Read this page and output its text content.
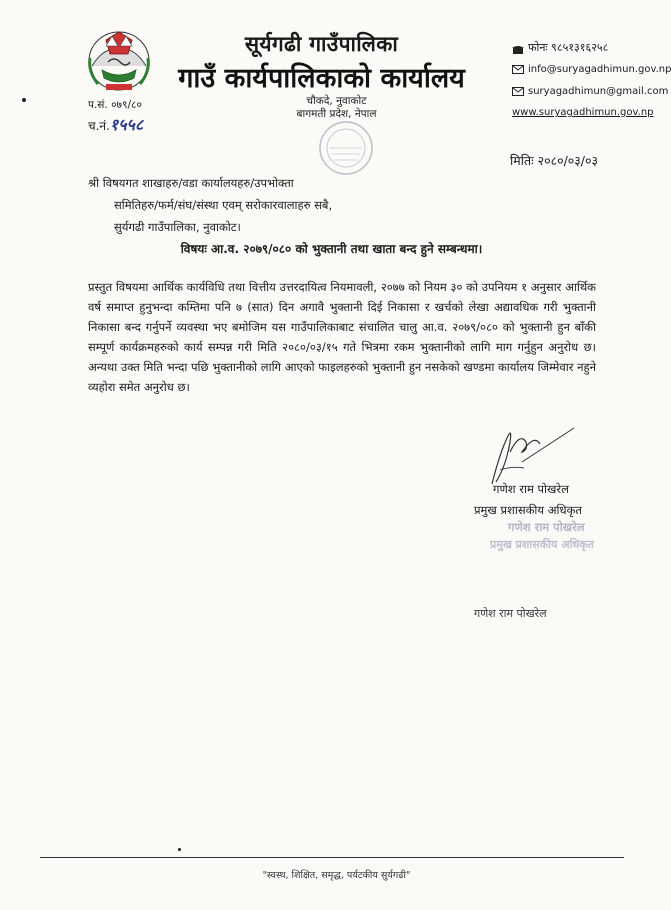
सूर्यगढी गाउँपालिका
गाउँ कार्यपालिकाको कार्यालय
चौकदे, नुवाकोट
बागमती प्रदेश, नेपाल
फोनः ९८५१३१६२५८
info@suryagadhimun.gov.np
suryagadhimun@gmail.com
www.suryagadhimun.gov.np
प.सं. ०७९/८०
च.नं.१५५८
मितिः २०८०/०३/०३
श्री विषयगत शाखाहरु/वडा कार्यालयहरु/उपभोक्ता
समितिहरु/फर्म/संघ/संस्था एवम् सरोकारवालाहरु सबै,
सुर्यगढी गाउँपालिका, नुवाकोट।
विषयः आ.व. २०७९/०८० को भुक्तानी तथा खाता बन्द हुने सम्बन्धमा।
प्रस्तुत विषयमा आर्थिक कार्यविधि तथा वित्तीय उत्तरदायित्व नियमावली, २०७७ को नियम ३० को उपनियम १ अनुसार आर्थिक वर्ष समाप्त हुनुभन्दा कम्तिमा पनि ७ (सात) दिन अगावै भुक्तानी दिई निकासा र खर्चको लेखा अद्यावधिक गरी भुक्तानी निकासा बन्द गर्नुपर्ने व्यवस्था भए बमोजिम यस गाउँपालिकाबाट संचालित चालु आ.व. २०७९/०८० को भुक्तानी हुन बाँकी सम्पूर्ण कार्यक्रमहरुको कार्य सम्पन्न गरी मिति २०८०/०३/१५ गते भित्रमा रकम भुक्तानीको लागि माग गर्नुहुन अनुरोध छ। अन्यथा उक्त मिति भन्दा पछि भुक्तानीको लागि आएको फाइलहरुको भुक्तानी हुन नसकेको खण्डमा कार्यालय जिम्मेवार नहुने व्यहोरा समेत अनुरोध छ।
गणेश राम पोखरेल
प्रमुख प्रशासकीय अधिकृत
गणेश राम पोखरेल
प्रमुख प्रशासकीय अधिकृत
गणेश राम पोखरेल
"स्वस्थ, शिक्षित, समृद्ध, पर्यटकीय सुर्यगढी"
